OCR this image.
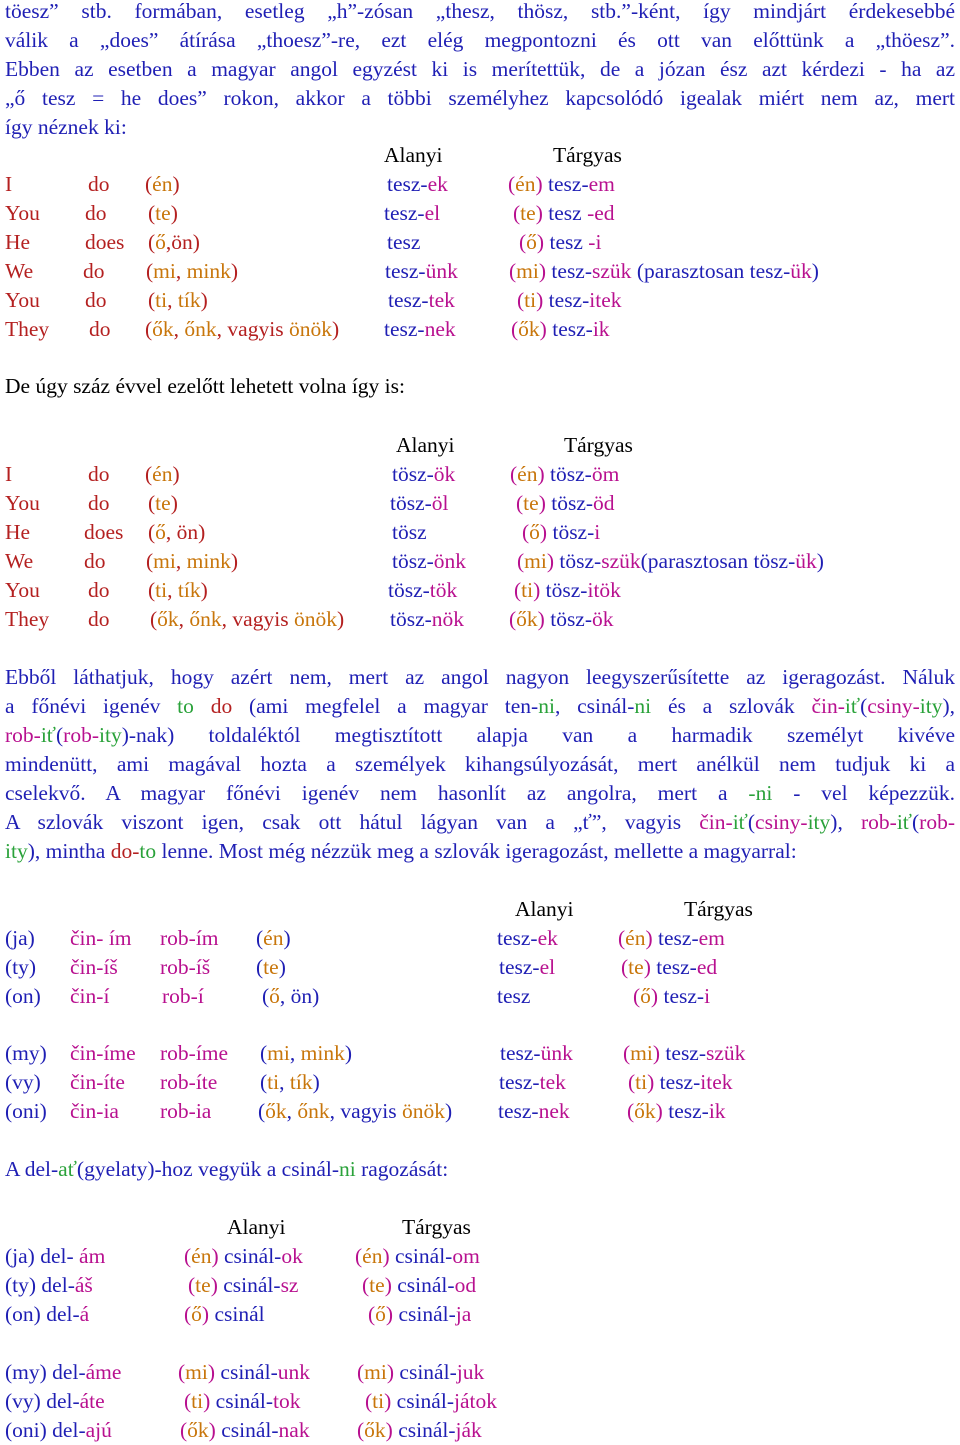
töesz” stb. formában, esetleg „h”-zósan „thesz, thösz, stb.”-ként, így mindjárt érdekesebbé
válik a „does” átírása „thoesz”-re, ezt elég megpontozni és ott van előttünk a „thöesz”.
Ebben az esetben a magyar angol egyzést ki is merítettük, de a józan ész azt kérdezi - ha az
„ő tesz = he does” rokon, akkor a többi személyhez kapcsolódó igealak miért nem az, mert
így néznek ki:
Alanyi	Tárgyas
I	do (én)	tesz-ek	(én) tesz-em
You do (te)	tesz-el	(te) tesz -ed
He	does (ő,ön)	tesz	(ő) tesz -i
We do (mi, mink)	tesz-ünk (mi) tesz-szük (parasztosan tesz-ük)
You do (ti, tík)	tesz-tek	(ti) tesz-itek
They do (ők, őnk, vagyis önök) tesz-nek	(ők) tesz-ik
De úgy száz évvel ezelőtt lehetett volna így is:
Alanyi	Tárgyas
I	do (én)	tösz-ök	(én) tösz-öm
You do (te)	tösz-öl	(te) tösz-öd
He	does (ő, ön)	tösz	(ő) tösz-i
We do (mi, mink)	tösz-önk (mi) tösz-szük(parasztosan tösz-ük)
You do (ti, tík)	tösz-tök	(ti) tösz-itök
They do (ők, őnk, vagyis önök) tösz-nök (ők) tösz-ök
Ebből láthatjuk, hogy azért nem, mert az angol nagyon leegyszerűsítette az igeragozást. Náluk
a főnévi igenév to do (ami megfelel a magyar ten-ni, csinál-ni és a szlovák čin-iť(csiny-ity),
rob-iť(rob-ity)-nak) toldaléktól megtisztított alapja van a harmadik személyt kivéve
mindenütt, ami magával hozta a személyek kihangsúlyozását, mert anélkül nem tudjuk ki a
cselekvő. A magyar főnévi igenév nem hasonlít az angolra, mert a -ni - vel képezzük.
A szlovák viszont igen, csak ott hátul lágyan van a „ť”, vagyis čin-iť(csiny-ity), rob-iť(rob-
ity), mintha do-to lenne. Most még nézzük meg a szlovák igeragozást, mellette a magyarral:
Alanyi	Tárgyas
(ja) čin- ím rob-ím (én)	tesz-ek	(én) tesz-em
(ty) čin-íš rob-íš (te)	tesz-el	(te) tesz-ed
(on) čin-í rob-í	(ő, ön)	tesz	(ő) tesz-i
(my) čin-íme rob-íme (mi, mink)	tesz-ünk (mi) tesz-szük
(vy) čin-íte rob-íte (ti, tík)	tesz-tek	(ti) tesz-itek
(oni) čin-ia rob-ia (ők, őnk, vagyis önök) tesz-nek	(ők) tesz-ik
A del-ať(gyelaty)-hoz vegyük a csinál-ni ragozását:
Alanyi	Tárgyas
(ja) del- ám	(én) csinál-ok (én) csinál-om
(ty) del-áš	(te) csinál-sz	(te) csinál-od
(on) del-á	(ő) csinál	(ő) csinál-ja
(my) del-áme	(mi) csinál-unk (mi) csinál-juk
(vy) del-áte	(ti) csinál-tok	(ti) csinál-játok
(oni) del-ajú	(ők) csinál-nak (ők) csinál-ják
